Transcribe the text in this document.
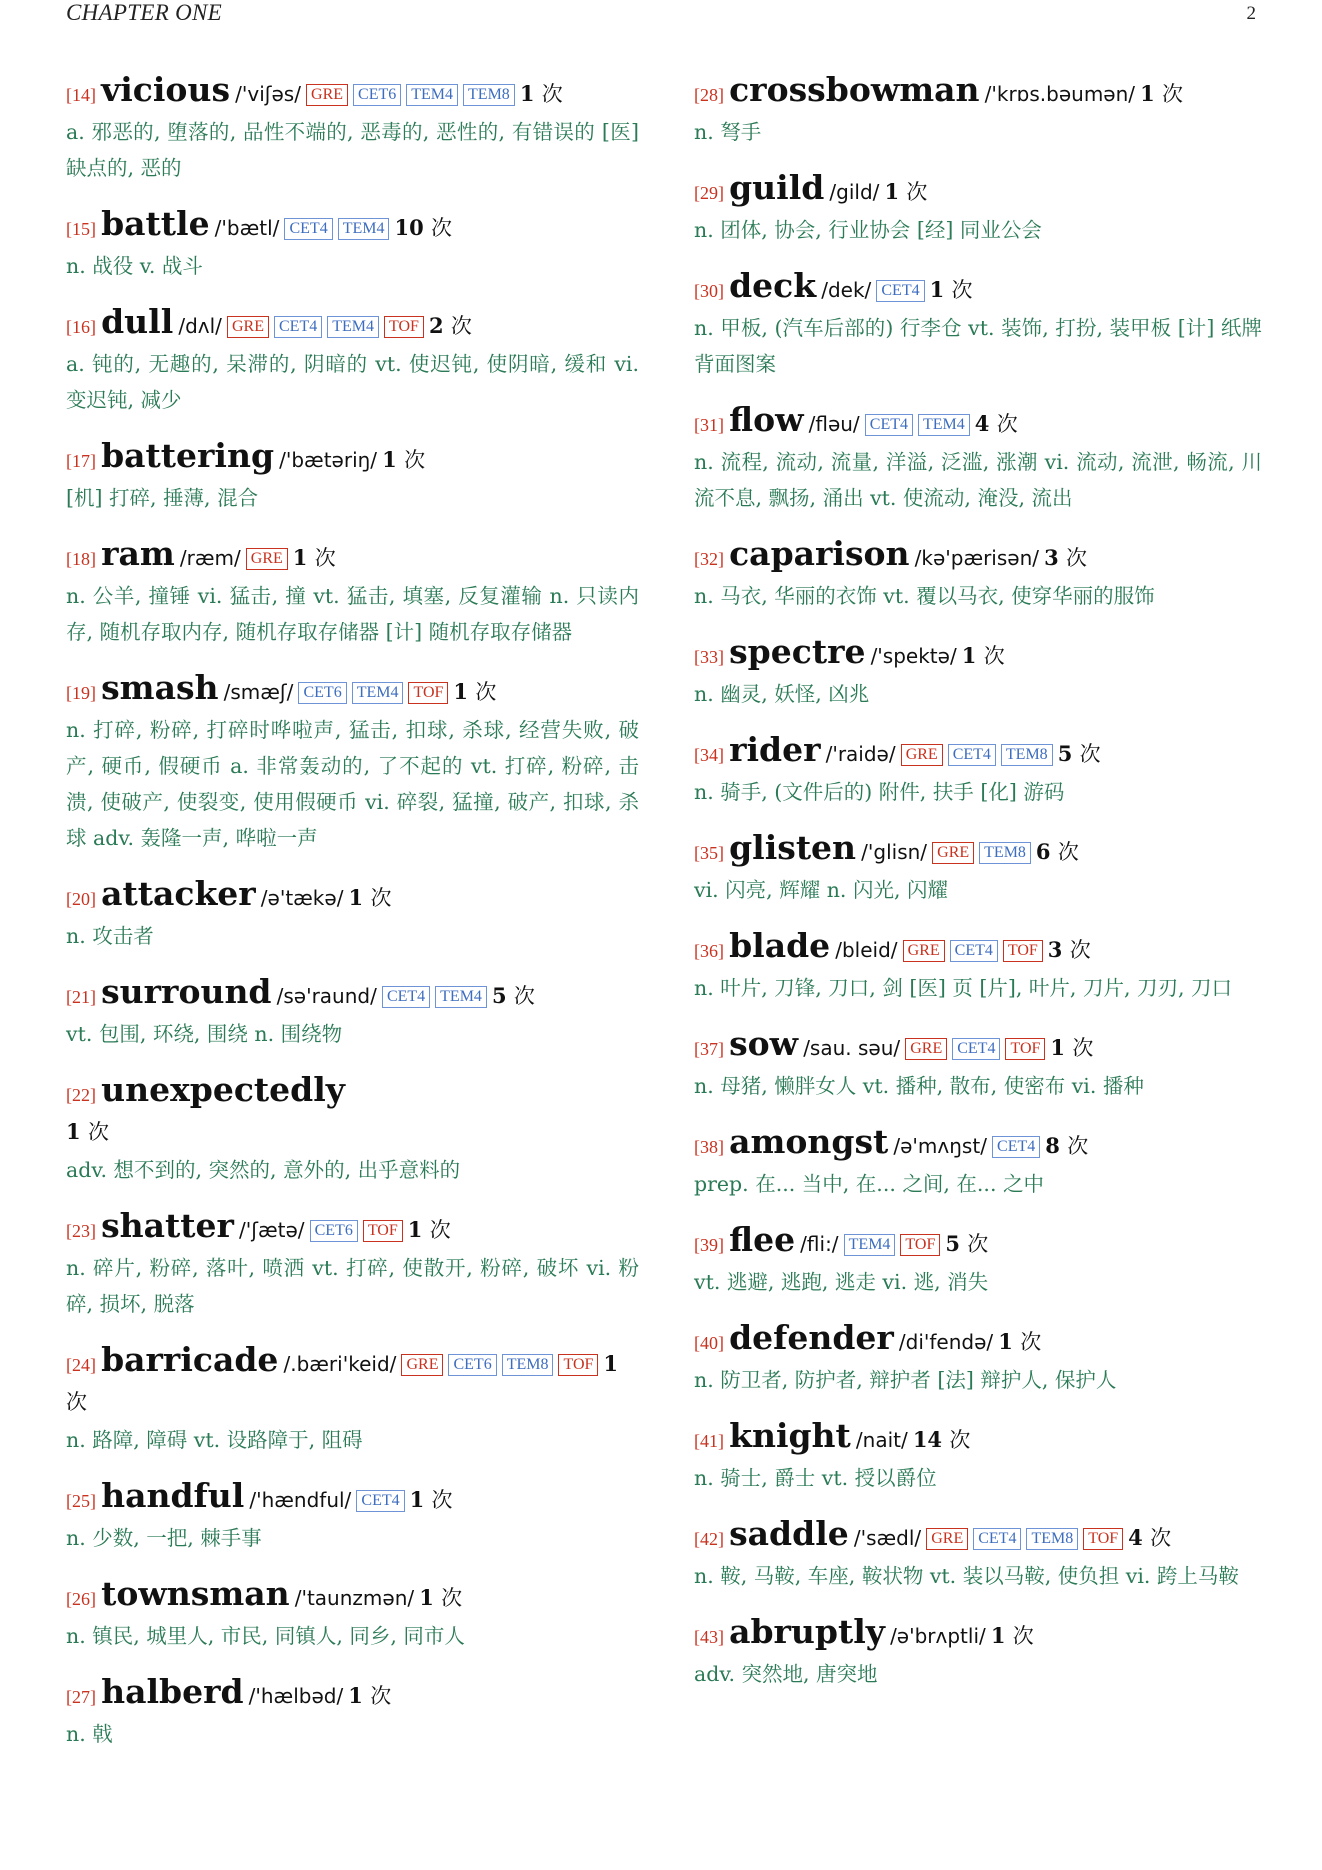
CHAPTER ONE	2
[14] vicious /'viʃəs/ GRE CET6 TEM4 TEM8 1 次
a. 邪恶的, 堕落的, 品性不端的, 恶毒的, 恶性的, 有错误的 [医] 缺点的, 恶的
[15] battle /'bætl/ CET4 TEM4 10 次
n. 战役 v. 战斗
[16] dull /dʌl/ GRE CET4 TEM4 TOF 2 次
a. 钝的, 无趣的, 呆滞的, 阴暗的 vt. 使迟钝, 使阴暗, 缓和 vi. 变迟钝, 减少
[17] battering /'bætəriŋ/ 1 次
[机] 打碎, 捶薄, 混合
[18] ram /ræm/ GRE 1 次
n. 公羊, 撞锤 vi. 猛击, 撞 vt. 猛击, 填塞, 反复灌输 n. 只读内存, 随机存取内存, 随机存取存储器 [计] 随机存取存储器
[19] smash /smæʃ/ CET6 TEM4 TOF 1 次
n. 打碎, 粉碎, 打碎时哗啦声, 猛击, 扣球, 杀球, 经营失败, 破产, 硬币, 假硬币 a. 非常轰动的, 了不起的 vt. 打碎, 粉碎, 击溃, 使破产, 使裂变, 使用假硬币 vi. 碎裂, 猛撞, 破产, 扣球, 杀球 adv. 轰隆一声, 哗啦一声
[20] attacker /ə'tækə/ 1 次
n. 攻击者
[21] surround /sə'raund/ CET4 TEM4 5 次
vt. 包围, 环绕, 围绕 n. 围绕物
[22] unexpectedly
1 次
adv. 想不到的, 突然的, 意外的, 出乎意料的
[23] shatter /'ʃætə/ CET6 TOF 1 次
n. 碎片, 粉碎, 落叶, 喷洒 vt. 打碎, 使散开, 粉碎, 破坏 vi. 粉碎, 损坏, 脱落
[24] barricade /.bæri'keid/ GRE CET6 TEM8 TOF 1 次
n. 路障, 障碍 vt. 设路障于, 阻碍
[25] handful /'hændful/ CET4 1 次
n. 少数, 一把, 棘手事
[26] townsman /'taunzmən/ 1 次
n. 镇民, 城里人, 市民, 同镇人, 同乡, 同市人
[27] halberd /'hælbəd/ 1 次
n. 戟
[28] crossbowman /'krɒs.bəumən/ 1 次
n. 弩手
[29] guild /gild/ 1 次
n. 团体, 协会, 行业协会 [经] 同业公会
[30] deck /dek/ CET4 1 次
n. 甲板, (汽车后部的) 行李仓 vt. 装饰, 打扮, 装甲板 [计] 纸牌背面图案
[31] flow /fləu/ CET4 TEM4 4 次
n. 流程, 流动, 流量, 洋溢, 泛滥, 涨潮 vi. 流动, 流泄, 畅流, 川流不息, 飘扬, 涌出 vt. 使流动, 淹没, 流出
[32] caparison /kə'pærisən/ 3 次
n. 马衣, 华丽的衣饰 vt. 覆以马衣, 使穿华丽的服饰
[33] spectre /'spektə/ 1 次
n. 幽灵, 妖怪, 凶兆
[34] rider /'raidə/ GRE CET4 TEM8 5 次
n. 骑手, (文件后的) 附件, 扶手 [化] 游码
[35] glisten /'glisn/ GRE TEM8 6 次
vi. 闪亮, 辉耀 n. 闪光, 闪耀
[36] blade /bleid/ GRE CET4 TOF 3 次
n. 叶片, 刀锋, 刀口, 剑 [医] 页 [片], 叶片, 刀片, 刀刃, 刀口
[37] sow /sau. səu/ GRE CET4 TOF 1 次
n. 母猪, 懒胖女人 vt. 播种, 散布, 使密布 vi. 播种
[38] amongst /ə'mʌŋst/ CET4 8 次
prep. 在... 当中, 在... 之间, 在... 之中
[39] flee /fli:/ TEM4 TOF 5 次
vt. 逃避, 逃跑, 逃走 vi. 逃, 消失
[40] defender /di'fendə/ 1 次
n. 防卫者, 防护者, 辩护者 [法] 辩护人, 保护人
[41] knight /nait/ 14 次
n. 骑士, 爵士 vt. 授以爵位
[42] saddle /'sædl/ GRE CET4 TEM8 TOF 4 次
n. 鞍, 马鞍, 车座, 鞍状物 vt. 装以马鞍, 使负担 vi. 跨上马鞍
[43] abruptly /ə'brʌptli/ 1 次
adv. 突然地, 唐突地
